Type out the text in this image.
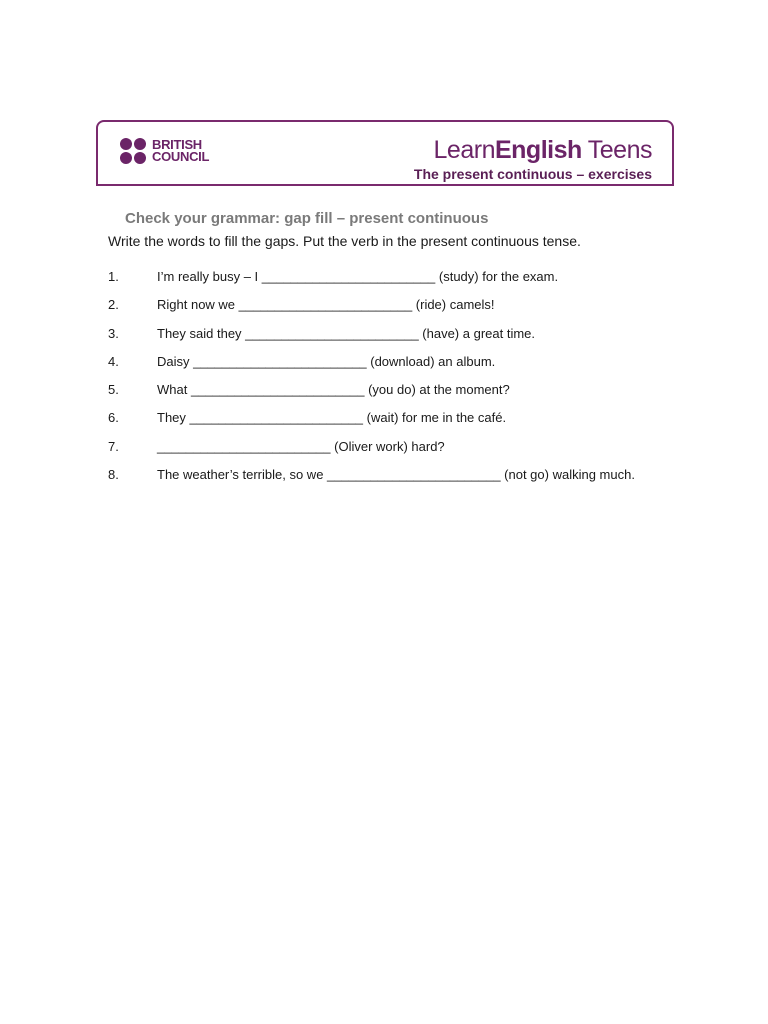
BRITISH
COUNCIL	LearnEnglish Teens
The present continuous – exercises
Check your grammar: gap fill – present continuous
Write the words to fill the gaps. Put the verb in the present continuous tense.
1.	I’m really busy – I ________________________ (study) for the exam.
2.	Right now we ________________________ (ride) camels!
3.	They said they ________________________ (have) a great time.
4.	Daisy ________________________ (download) an album.
5.	What ________________________ (you do) at the moment?
6.	They ________________________ (wait) for me in the café.
7.	________________________ (Oliver work) hard?
8.	The weather’s terrible, so we ________________________ (not go) walking much.
